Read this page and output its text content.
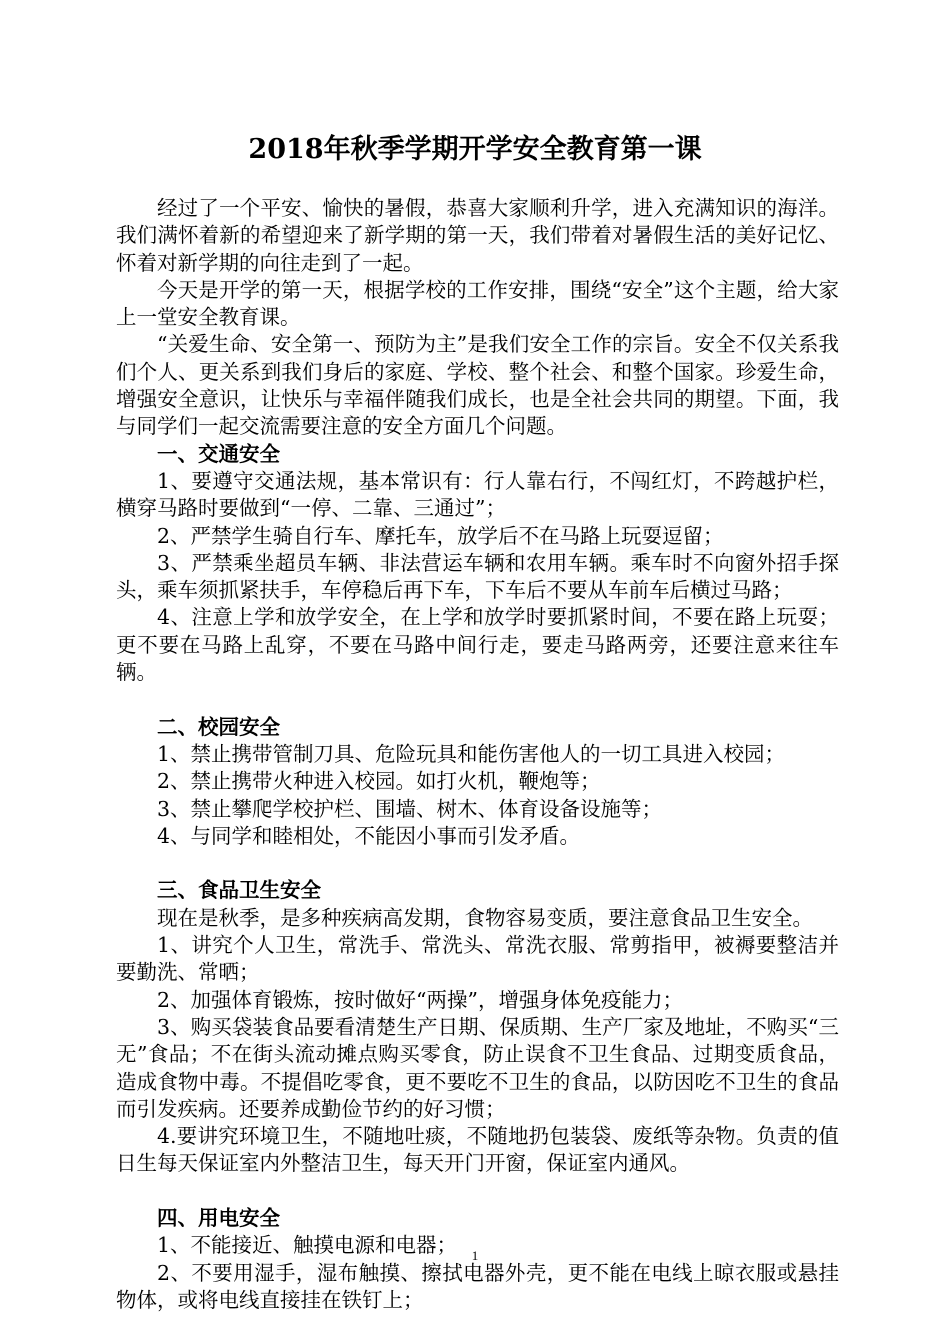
2018年秋季学期开学安全教育第一课

经过了一个平安、愉快的暑假，恭喜大家顺利升学，进入充满知识的海洋。我们满怀着新的希望迎来了新学期的第一天，我们带着对暑假生活的美好记忆、怀着对新学期的向往走到了一起。

今天是开学的第一天，根据学校的工作安排，围绕“安全”这个主题，给大家上一堂安全教育课。

“关爱生命、安全第一、预防为主”是我们安全工作的宗旨。安全不仅关系我们个人、更关系到我们身后的家庭、学校、整个社会、和整个国家。珍爱生命，增强安全意识，让快乐与幸福伴随我们成长，也是全社会共同的期望。下面，我与同学们一起交流需要注意的安全方面几个问题。

一、交通安全

1、要遵守交通法规，基本常识有：行人靠右行，不闯红灯，不跨越护栏，横穿马路时要做到“一停、二靠、三通过”；

2、严禁学生骑自行车、摩托车，放学后不在马路上玩耍逗留；

3、严禁乘坐超员车辆、非法营运车辆和农用车辆。乘车时不向窗外招手探头，乘车须抓紧扶手，车停稳后再下车，下车后不要从车前车后横过马路；

4、注意上学和放学安全，在上学和放学时要抓紧时间，不要在路上玩耍；更不要在马路上乱穿，不要在马路中间行走，要走马路两旁，还要注意来往车辆。

二、校园安全

1、禁止携带管制刀具、危险玩具和能伤害他人的一切工具进入校园；

2、禁止携带火种进入校园。如打火机，鞭炮等；

3、禁止攀爬学校护栏、围墙、树木、体育设备设施等；

4、与同学和睦相处，不能因小事而引发矛盾。

三、食品卫生安全

现在是秋季，是多种疾病高发期，食物容易变质，要注意食品卫生安全。

1、讲究个人卫生，常洗手、常洗头、常洗衣服、常剪指甲，被褥要整洁并要勤洗、常晒；

2、加强体育锻炼，按时做好“两操”，增强身体免疫能力；

3、购买袋装食品要看清楚生产日期、保质期、生产厂家及地址，不购买“三无”食品；不在街头流动摊点购买零食，防止误食不卫生食品、过期变质食品，造成食物中毒。不提倡吃零食，更不要吃不卫生的食品，以防因吃不卫生的食品而引发疾病。还要养成勤俭节约的好习惯；

4.要讲究环境卫生，不随地吐痰，不随地扔包装袋、废纸等杂物。负责的值日生每天保证室内外整洁卫生，每天开门开窗，保证室内通风。

四、用电安全

1、不能接近、触摸电源和电器；

2、不要用湿手，湿布触摸、擦拭电器外壳，更不能在电线上晾衣服或悬挂物体，或将电线直接挂在铁钉上；

1
